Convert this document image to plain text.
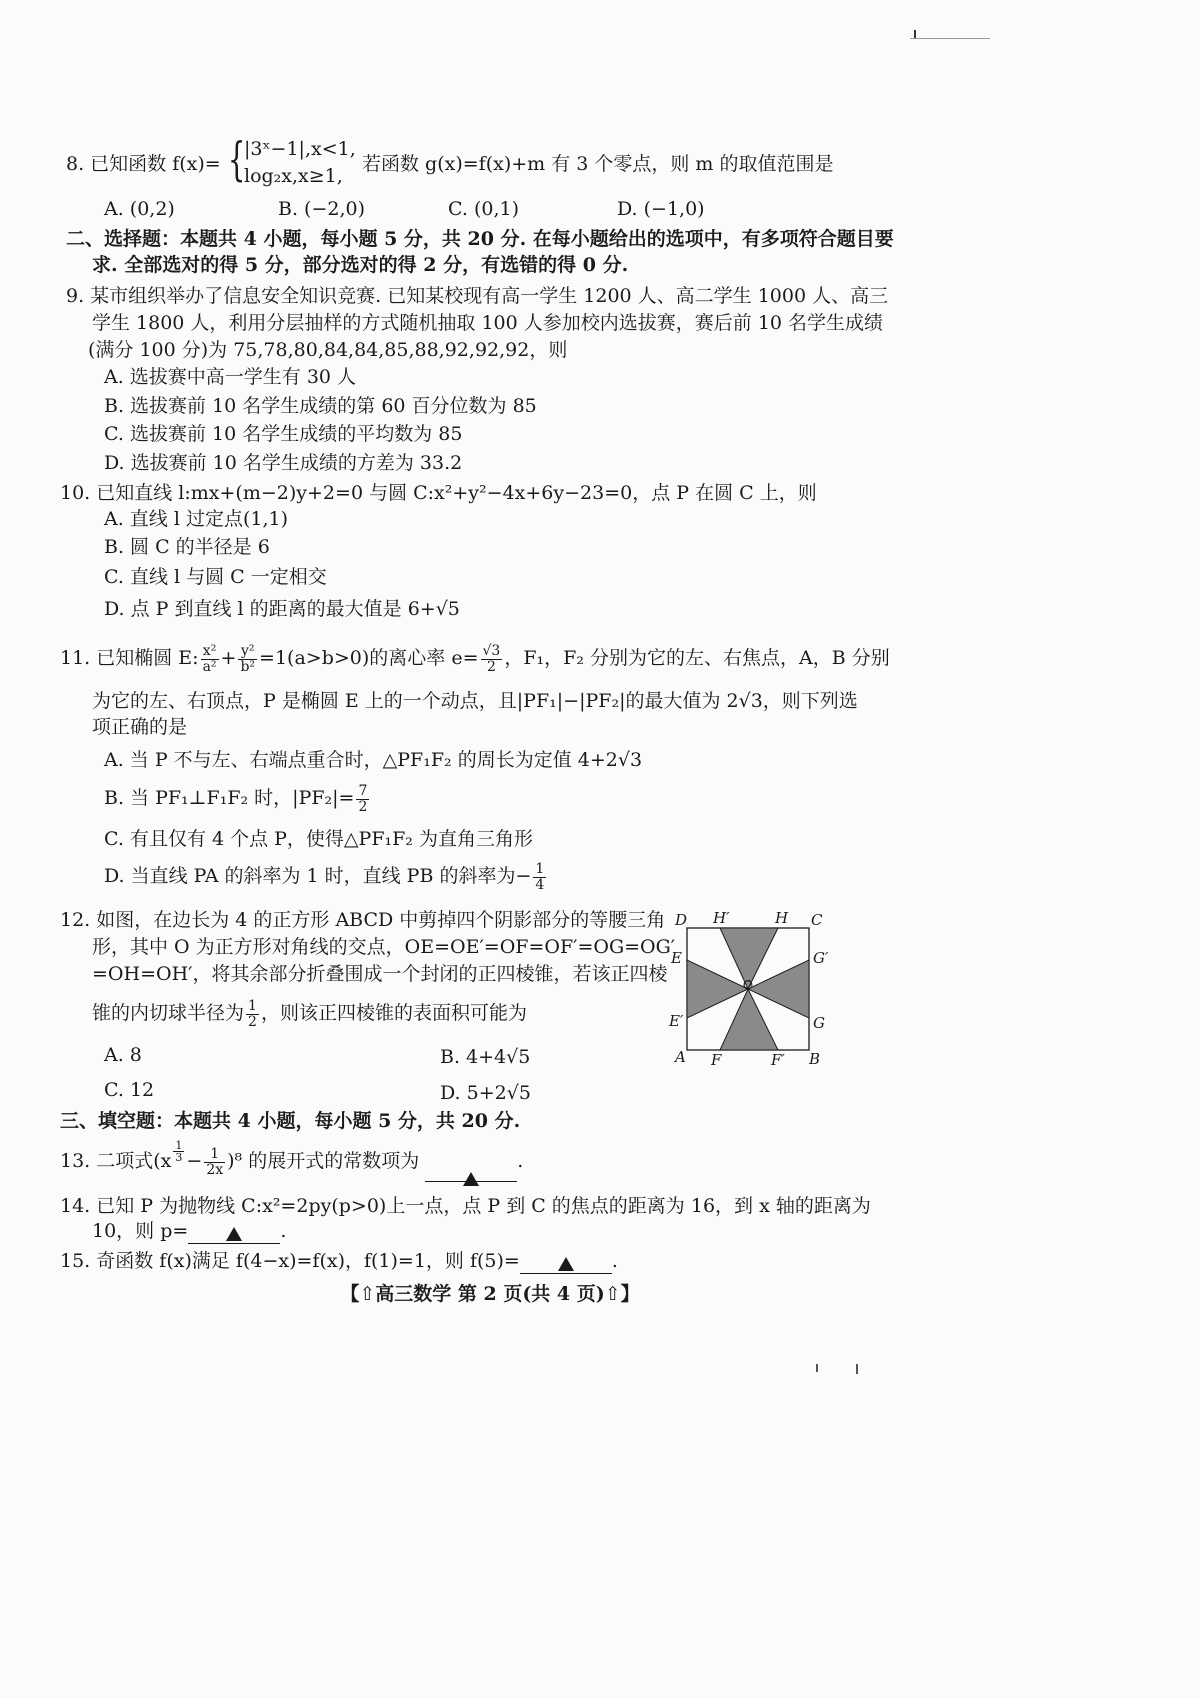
8. 已知函数 f(x)= {
|3ˣ−1|,x<1,
log₂x,x≥1,
若函数 g(x)=f(x)+m 有 3 个零点，则 m 的取值范围是
A. (0,2)	B. (−2,0)	C. (0,1)	D. (−1,0)
二、选择题：本题共 4 小题，每小题 5 分，共 20 分. 在每小题给出的选项中，有多项符合题目要
求. 全部选对的得 5 分，部分选对的得 2 分，有选错的得 0 分.
9. 某市组织举办了信息安全知识竞赛. 已知某校现有高一学生 1200 人、高二学生 1000 人、高三
学生 1800 人，利用分层抽样的方式随机抽取 100 人参加校内选拔赛，赛后前 10 名学生成绩
(满分 100 分)为 75,78,80,84,84,85,88,92,92,92，则
A. 选拔赛中高一学生有 30 人
B. 选拔赛前 10 名学生成绩的第 60 百分位数为 85
C. 选拔赛前 10 名学生成绩的平均数为 85
D. 选拔赛前 10 名学生成绩的方差为 33.2
10. 已知直线 l:mx+(m−2)y+2=0 与圆 C:x²+y²−4x+6y−23=0，点 P 在圆 C 上，则
A. 直线 l 过定点(1,1)
B. 圆 C 的半径是 6
C. 直线 l 与圆 C 一定相交
D. 点 P 到直线 l 的距离的最大值是 6+√5
11. 已知椭圆 E: $\frac{\text{x²}}{\text{a²}} + \frac{\text{y²}}{\text{b²}} =1(a>b>0)$的离心率 $e= \frac{√3}{2}$ ，F₁，F₂ 分别为它的左、右焦点，A，B 分别
为它的左、右顶点，P 是椭圆 E 上的一个动点，且|PF₁|−|PF₂|的最大值为 2√3，则下列选
项正确的是
A. 当 P 不与左、右端点重合时，△PF₁F₂ 的周长为定值 4+2√3
B. 当 PF₁⊥F₁F₂ 时，$|PF_2|= \frac{7}{2}$
C. 有且仅有 4 个点 P，使得△PF₁F₂ 为直角三角形
D. 当直线 PA 的斜率为 1 时，直线 PB 的斜率为− $\frac{1}{4}$
12. 如图，在边长为 4 的正方形 ABCD 中剪掉四个阴影部分的等腰三角
形，其中 O 为正方形对角线的交点，OE=OE′=OF=OF′=OG=OG′
=OH=OH′，将其余部分折叠围成一个封闭的正四棱锥，若该正四棱
锥的内切球半径为 $\frac{1}{2}$ ，则该正四棱锥的表面积可能为
A. 8	B. 4+4√5
C. 12	D. 5+2√5
D H′	H C
E	G′
O
E′	G
A F	F′ B
三、填空题：本题共 4 小题，每小题 5 分，共 20 分.
13. 二项式(x $^{\frac{1}{3}} - \frac{1}{2x} )^8$ 的展开式的常数项为	.
14. 已知 P 为抛物线 C:x²=2py(p>0)上一点，点 P 到 C 的焦点的距离为 16，到 x 轴的距离为
10，则 p=	.
15. 奇函数 f(x)满足 f(4−x)=f(x)，f(1)=1，则 f(5)=	.
【⇧高三数学 第 2 页(共 4 页)⇧】
